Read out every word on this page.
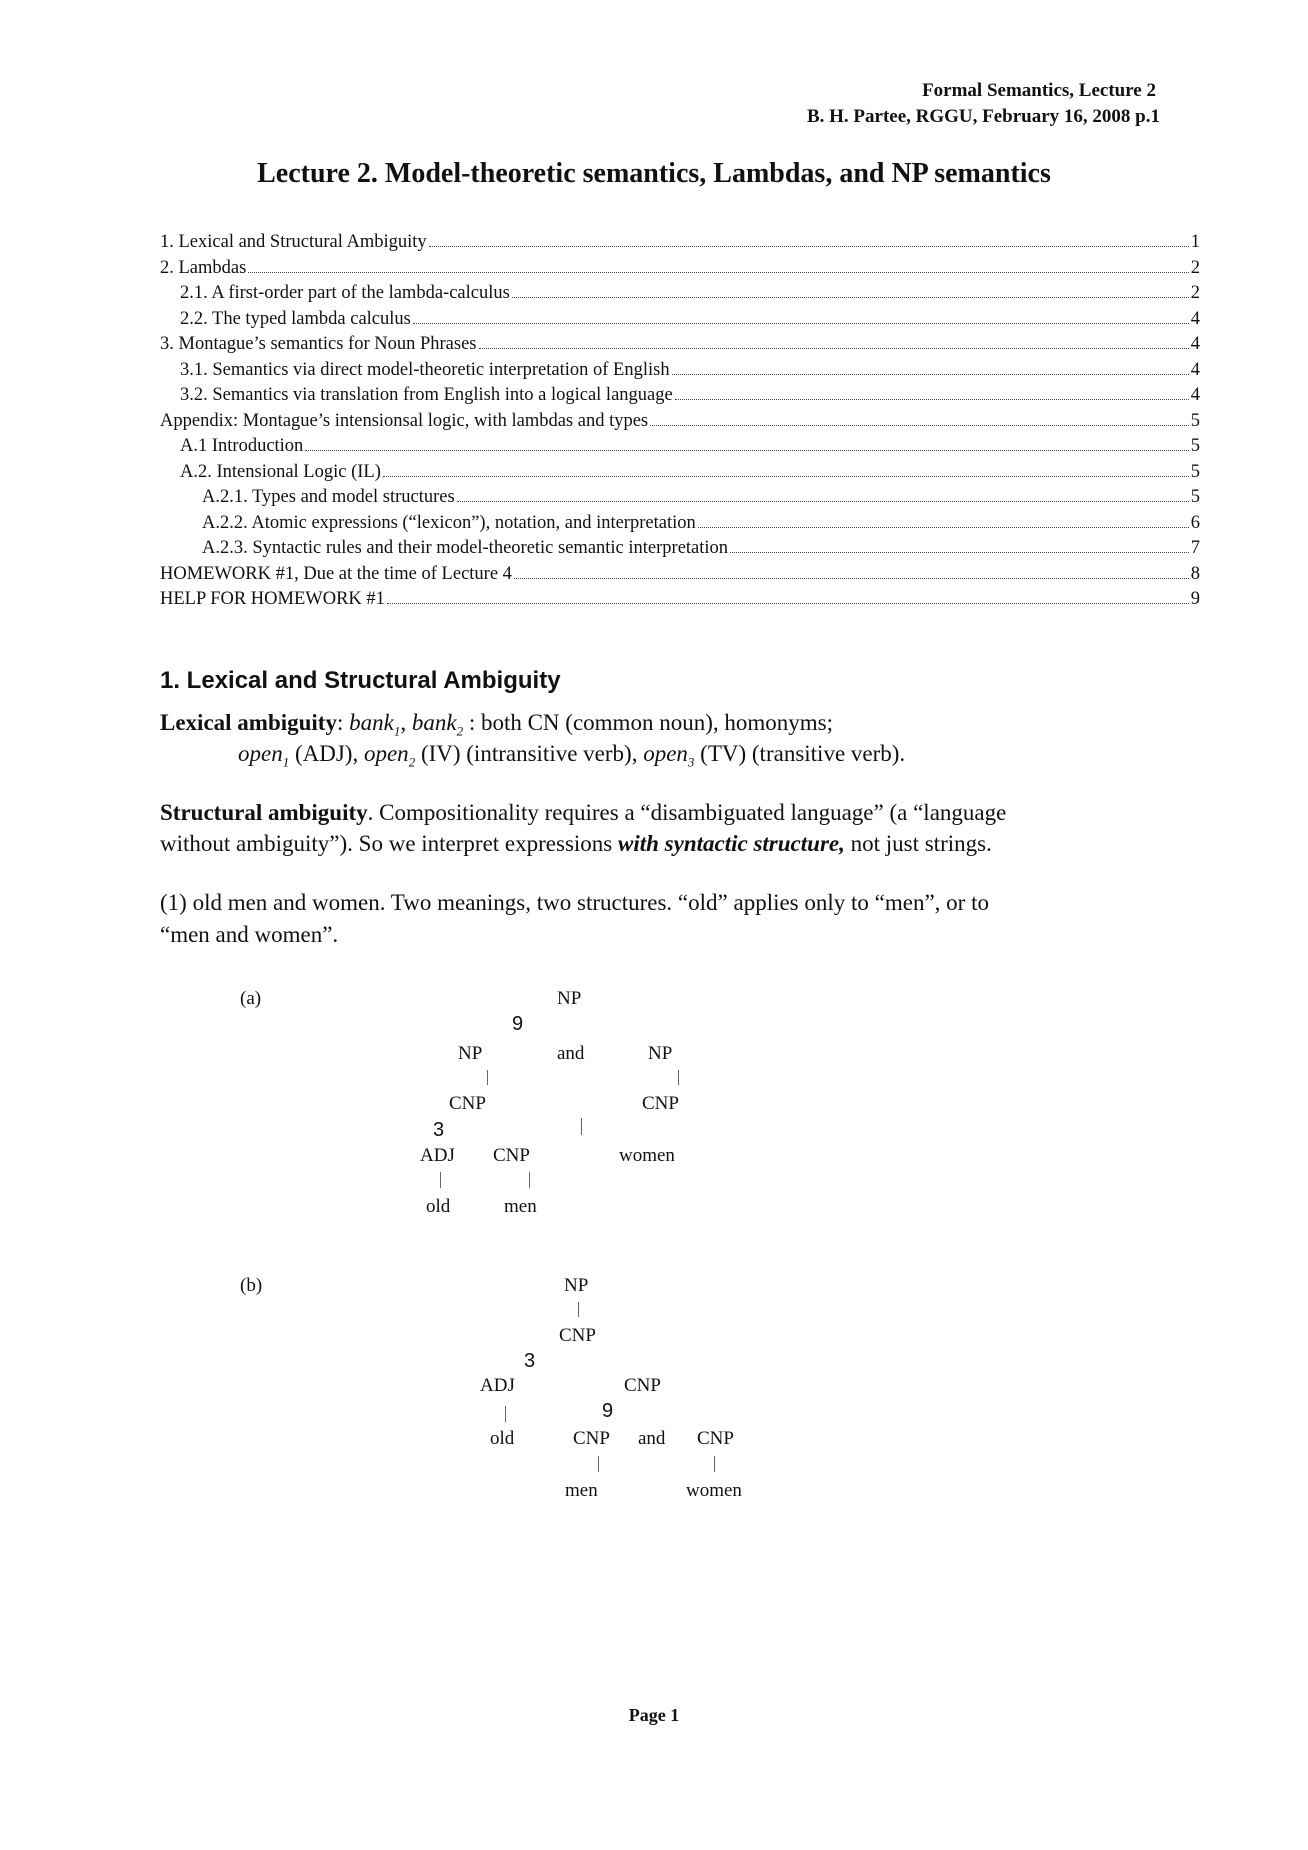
Formal Semantics, Lecture 2
B. H. Partee, RGGU, February 16, 2008 p.1
Lecture 2. Model-theoretic semantics, Lambdas, and NP semantics
1. Lexical and Structural Ambiguity	1
2. Lambdas	2
2.1. A first-order part of the lambda-calculus	2
2.2. The typed lambda calculus	4
3. Montague’s semantics for Noun Phrases	4
3.1. Semantics via direct model-theoretic interpretation of English	4
3.2. Semantics via translation from English into a logical language	4
Appendix: Montague’s intensionsal logic, with lambdas and types	5
A.1 Introduction	5
A.2. Intensional Logic (IL)	5
A.2.1. Types and model structures	5
A.2.2. Atomic expressions (“lexicon”), notation, and interpretation	6
A.2.3. Syntactic rules and their model-theoretic semantic interpretation	7
HOMEWORK #1, Due at the time of Lecture 4	8
HELP FOR HOMEWORK #1	9
1. Lexical and Structural Ambiguity
Lexical ambiguity: bank$_1$, bank$_2$ : both CN (common noun), homonyms;
open$_1$ (ADJ), open$_2$ (IV) (intransitive verb), open$_3$ (TV) (transitive verb).
Structural ambiguity. Compositionality requires a “disambiguated language” (a “language
without ambiguity”). So we interpret expressions with syntactic structure, not just strings.
(1) old men and women. Two meanings, two structures. “old” applies only to “men”, or to
“men and women”.
(a)	NP
9
NP	and	NP
CNP	CNP
3
ADJ CNP	women
old	men
(b)	NP
CNP
3
ADJ	CNP
9
old	CNP and CNP
men	women
Page 1
